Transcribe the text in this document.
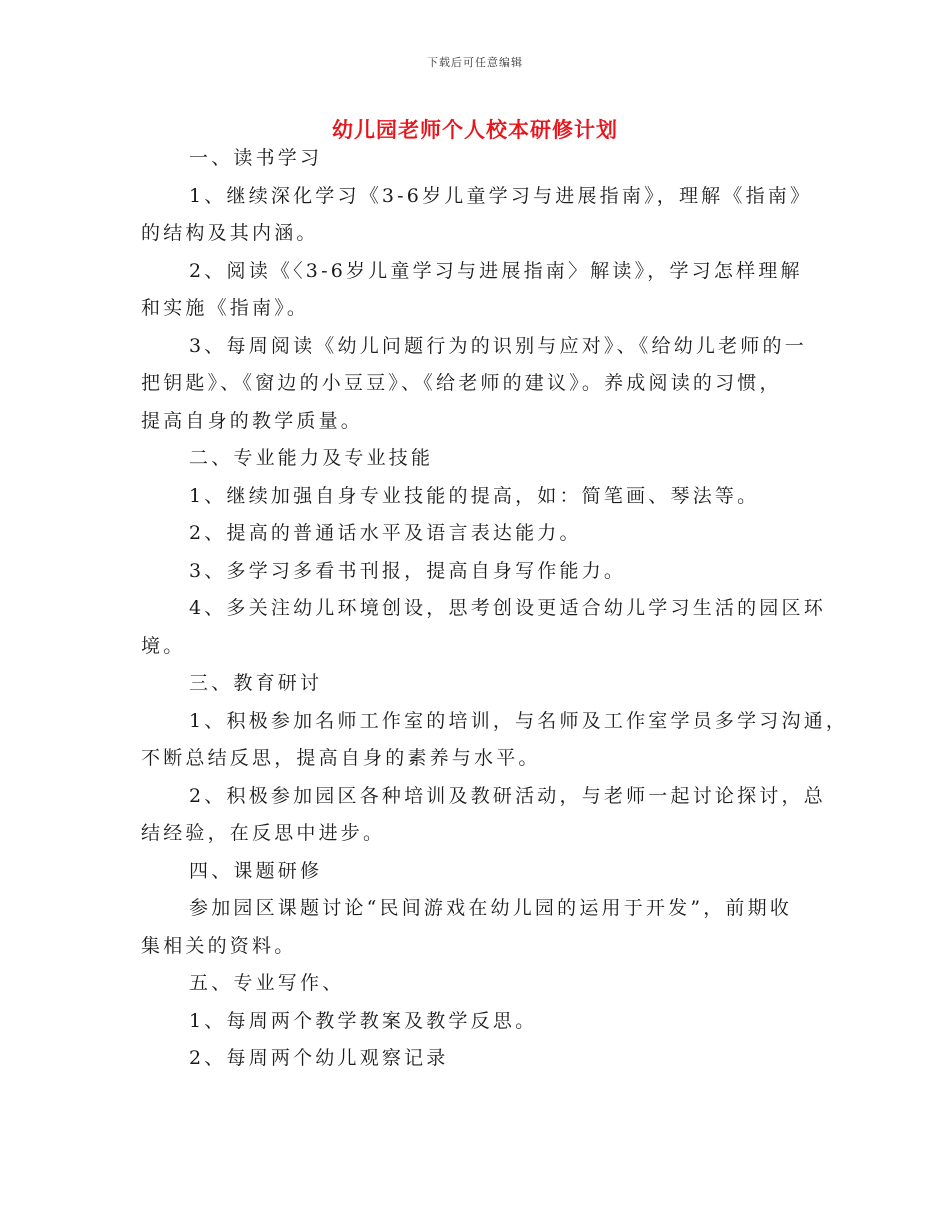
下载后可任意编辑
幼儿园老师个人校本研修计划

一、读书学习

1、继续深化学习《3-6岁儿童学习与进展指南》，理解《指南》

的结构及其内涵。

2、阅读《〈3-6岁儿童学习与进展指南〉解读》，学习怎样理解

和实施《指南》。

3、每周阅读《幼儿问题行为的识别与应对》、《给幼儿老师的一

把钥匙》、《窗边的小豆豆》、《给老师的建议》。养成阅读的习惯，

提高自身的教学质量。

二、专业能力及专业技能

1、继续加强自身专业技能的提高，如：简笔画、琴法等。

2、提高的普通话水平及语言表达能力。

3、多学习多看书刊报，提高自身写作能力。

4、多关注幼儿环境创设，思考创设更适合幼儿学习生活的园区环

境。

三、教育研讨

1、积极参加名师工作室的培训，与名师及工作室学员多学习沟通，

不断总结反思，提高自身的素养与水平。

2、积极参加园区各种培训及教研活动，与老师一起讨论探讨，总

结经验，在反思中进步。

四、课题研修

参加园区课题讨论“民间游戏在幼儿园的运用于开发”，前期收

集相关的资料。

五、专业写作、

1、每周两个教学教案及教学反思。

2、每周两个幼儿观察记录
